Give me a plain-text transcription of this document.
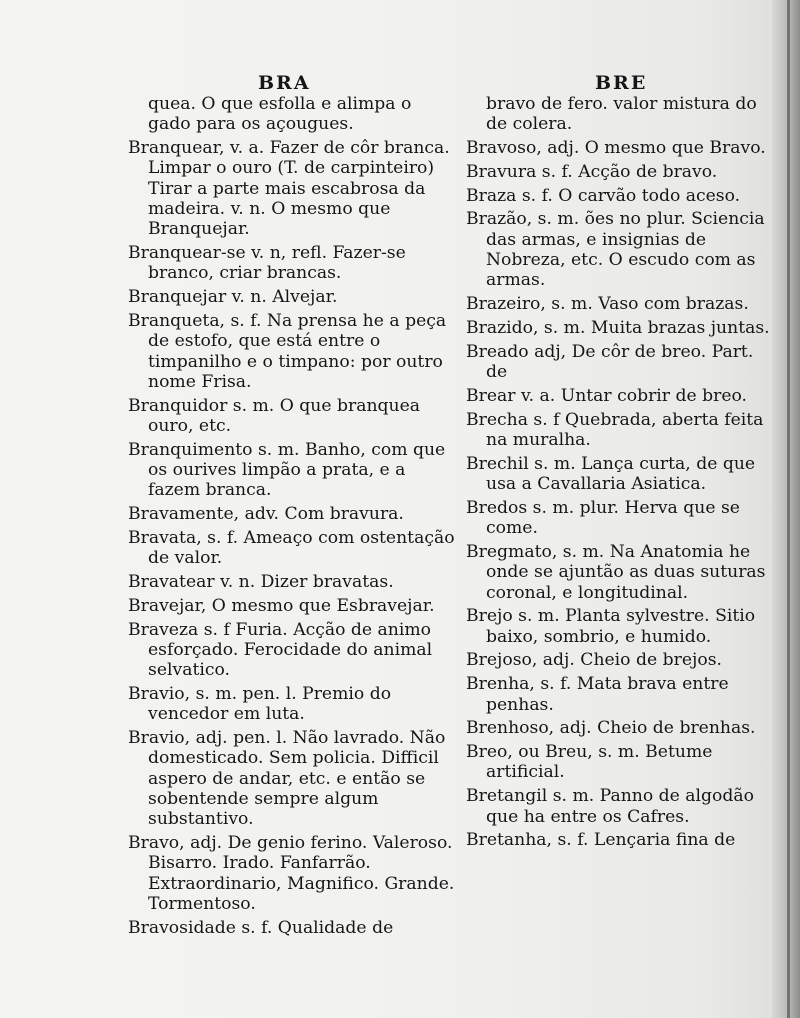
BRA	BRE

quea. O que esfolla e alimpa o gado para os açougues.

Branquear, v. a. Fazer de côr branca. Limpar o ouro (T. de carpinteiro) Tirar a parte mais escabrosa da madeira. v. n. O mesmo que Branquejar.

Branquear-se v. n, refl. Fazer-se branco, criar brancas.

Branquejar v. n. Alvejar.

Branqueta, s. f. Na prensa he a peça de estofo, que está entre o timpanilho e o timpano: por outro nome Frisa.

Branquidor s. m. O que branquea ouro, etc.

Branquimento s. m. Banho, com que os ourives limpão a prata, e a fazem branca.

Bravamente, adv. Com bravura.

Bravata, s. f. Ameaço com ostentação de valor.

Bravatear v. n. Dizer bravatas.

Bravejar, O mesmo que Esbravejar.

Braveza s. f Furia. Acção de animo esforçado. Ferocidade do animal selvatico.

Bravio, s. m. pen. l. Premio do vencedor em luta.

Bravio, adj. pen. l. Não lavrado. Não domesticado. Sem policia. Difficil aspero de andar, etc. e então se sobentende sempre algum substantivo.

Bravo, adj. De genio ferino. Valeroso. Bisarro. Irado. Fanfarrão. Extraordinario, Magnifico. Grande. Tormentoso.

Bravosidade s. f. Qualidade de

bravo de fero. valor mistura do de colera.

Bravoso, adj. O mesmo que Bravo.

Bravura s. f. Acção de bravo.

Braza s. f. O carvão todo aceso.

Brazão, s. m. ões no plur. Sciencia das armas, e insignias de Nobreza, etc. O escudo com as armas.

Brazeiro, s. m. Vaso com brazas.

Brazido, s. m. Muita brazas juntas.

Breado adj, De côr de breo. Part. de

Brear v. a. Untar cobrir de breo.

Brecha s. f Quebrada, aberta feita na muralha.

Brechil s. m. Lança curta, de que usa a Cavallaria Asiatica.

Bredos s. m. plur. Herva que se come.

Bregmato, s. m. Na Anatomia he onde se ajuntão as duas suturas coronal, e longitudinal.

Brejo s. m. Planta sylvestre. Sitio baixo, sombrio, e humido.

Brejoso, adj. Cheio de brejos.

Brenha, s. f. Mata brava entre penhas.

Brenhoso, adj. Cheio de brenhas.

Breo, ou Breu, s. m. Betume artificial.

Bretangil s. m. Panno de algodão que ha entre os Cafres.

Bretanha, s. f. Lençaria fina de
